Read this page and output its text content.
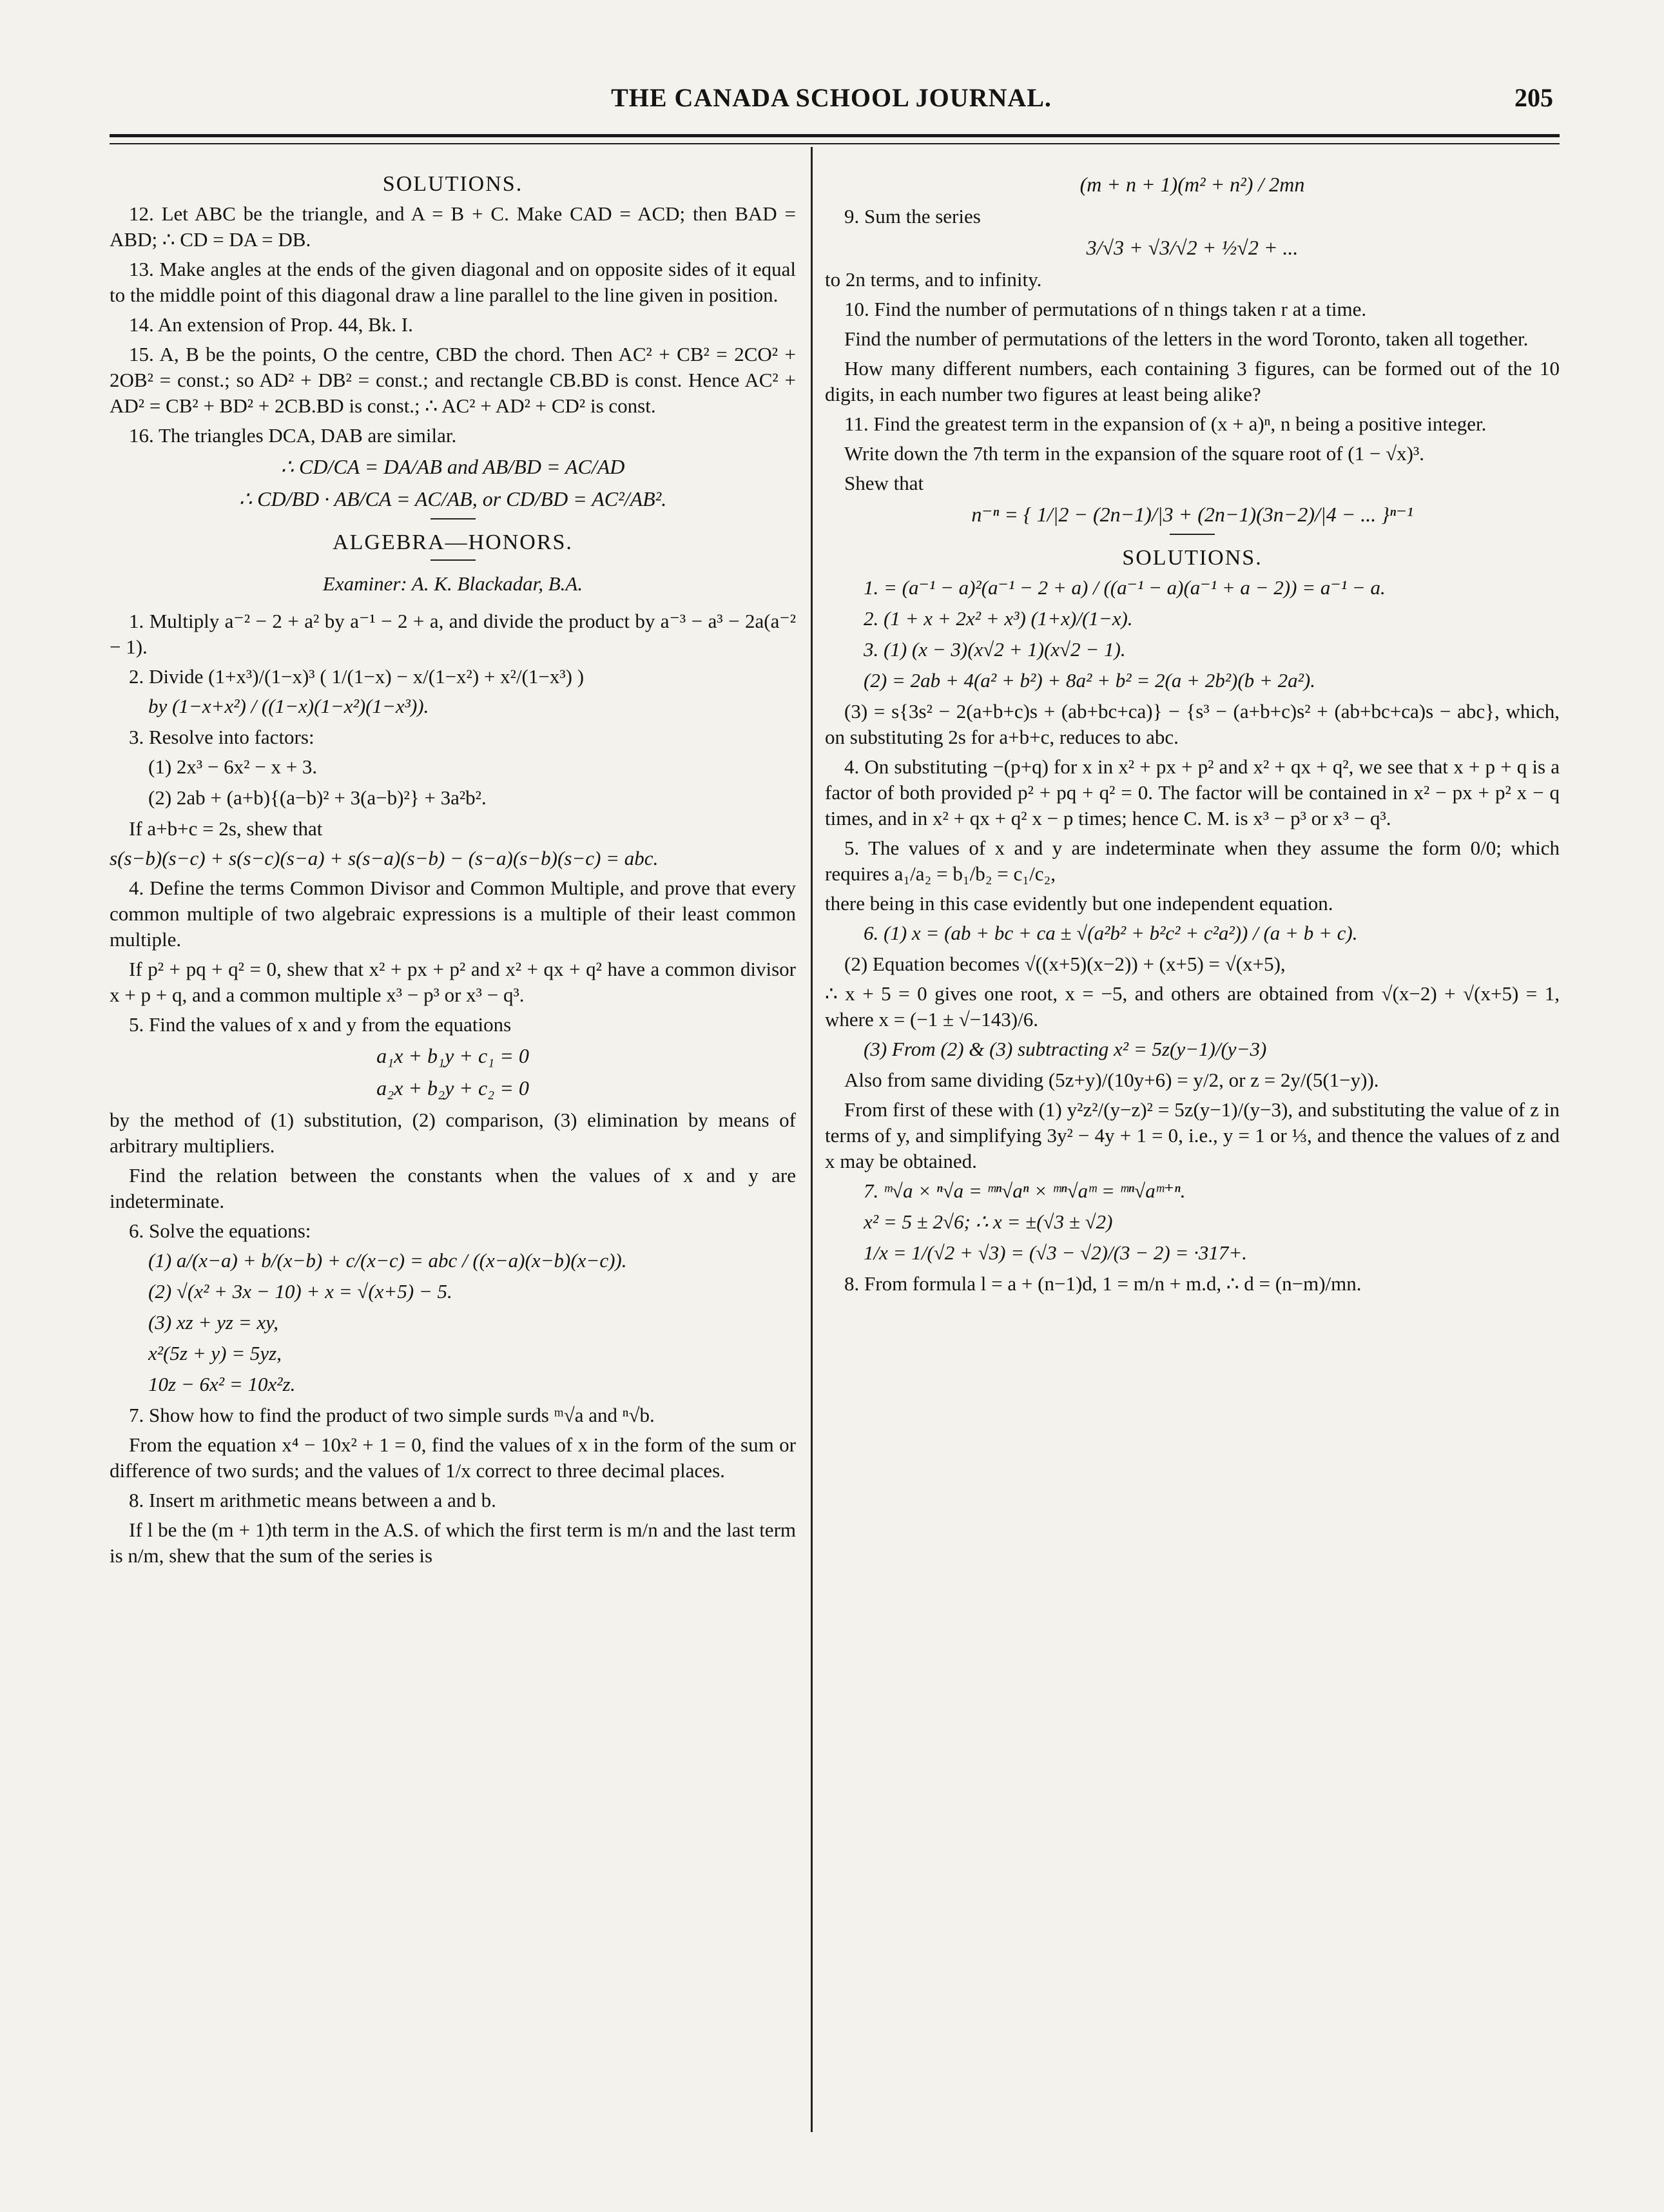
THE CANADA SCHOOL JOURNAL.	205
SOLUTIONS.

12. Let ABC be the triangle, and A = B + C. Make CAD = ACD; then BAD = ABD; ∴ CD = DA = DB.

13. Make angles at the ends of the given diagonal and on opposite sides of it equal to the middle point of this diagonal draw a line parallel to the line given in position.

14. An extension of Prop. 44, Bk. I.

15. A, B be the points, O the centre, CBD the chord. Then AC² + CB² = 2CO² + 2OB² = const.; so AD² + DB² = const.; and rectangle CB.BD is const. Hence AC² + AD² = CB² + BD² + 2CB.BD is const.; ∴ AC² + AD² + CD² is const.

16. The triangles DCA, DAB are similar.

∴ CD/CA = DA/AB and AB/BD = AC/AD
∴ CD/BD · AB/CA = AC/AB, or CD/BD = AC²/AB².
ALGEBRA—HONORS.
Examiner: A. K. Blackadar, B.A.

1. Multiply a⁻² − 2 + a² by a⁻¹ − 2 + a, and divide the product by a⁻³ − a³ − 2a(a⁻² − 1).

2. Divide (1+x³)/(1−x)³ ( 1/(1−x) − x/(1−x²) + x²/(1−x³) )

by (1−x+x²) / ((1−x)(1−x²)(1−x³)).

3. Resolve into factors:

(1) 2x³ − 6x² − x + 3.
(2) 2ab + (a+b){(a−b)² + 3(a−b)²} + 3a²b².

If a+b+c = 2s, shew that

s(s−b)(s−c) + s(s−c)(s−a) + s(s−a)(s−b) − (s−a)(s−b)(s−c) = abc.

4. Define the terms Common Divisor and Common Multiple, and prove that every common multiple of two algebraic expressions is a multiple of their least common multiple.

If p² + pq + q² = 0, shew that x² + px + p² and x² + qx + q² have a common divisor x + p + q, and a common multiple x³ − p³ or x³ − q³.

5. Find the values of x and y from the equations

a₁x + b₁y + c₁ = 0
a₂x + b₂y + c₂ = 0

by the method of (1) substitution, (2) comparison, (3) elimination by means of arbitrary multipliers.

Find the relation between the constants when the values of x and y are indeterminate.

6. Solve the equations:

(1) a/(x−a) + b/(x−b) + c/(x−c) = abc / ((x−a)(x−b)(x−c)).
(2) √(x² + 3x − 10) + x = √(x+5) − 5.
(3) xz + yz = xy,
x²(5z + y) = 5yz,
10z − 6x² = 10x²z.

7. Show how to find the product of two simple surds ᵐ√a and ⁿ√b.

From the equation x⁴ − 10x² + 1 = 0, find the values of x in the form of the sum or difference of two surds; and the values of 1/x correct to three decimal places.

8. Insert m arithmetic means between a and b.

If l be the (m + 1)th term in the A.S. of which the first term is m/n and the last term is n/m, shew that the sum of the series is

(m + n + 1)(m² + n²) / 2mn

9. Sum the series

3/√3 + √3/√2 + ½√2 + ...

to 2n terms, and to infinity.

10. Find the number of permutations of n things taken r at a time.

Find the number of permutations of the letters in the word Toronto, taken all together.

How many different numbers, each containing 3 figures, can be formed out of the 10 digits, in each number two figures at least being alike?

11. Find the greatest term in the expansion of (x + a)ⁿ, n being a positive integer.

Write down the 7th term in the expansion of the square root of (1 − √x)³.

Shew that

n⁻ⁿ = { 1/|2 − (2n−1)/|3 + (2n−1)(3n−2)/|4 − ... }ⁿ⁻¹
SOLUTIONS.
1. = (a⁻¹ − a)²(a⁻¹ − 2 + a) / ((a⁻¹ − a)(a⁻¹ + a − 2)) = a⁻¹ − a.
2. (1 + x + 2x² + x³) (1+x)/(1−x).
3. (1) (x − 3)(x√2 + 1)(x√2 − 1).
(2) = 2ab + 4(a² + b²) + 8a² + b² = 2(a + 2b²)(b + 2a²).

(3) = s{3s² − 2(a+b+c)s + (ab+bc+ca)} − {s³ − (a+b+c)s² + (ab+bc+ca)s − abc}, which, on substituting 2s for a+b+c, reduces to abc.

4. On substituting −(p+q) for x in x² + px + p² and x² + qx + q², we see that x + p + q is a factor of both provided p² + pq + q² = 0. The factor will be contained in x² − px + p² x − q times, and in x² + qx + q² x − p times; hence C. M. is x³ − p³ or x³ − q³.

5. The values of x and y are indeterminate when they assume the form 0/0; which requires a₁/a₂ = b₁/b₂ = c₁/c₂,

there being in this case evidently but one independent equation.

6. (1) x = (ab + bc + ca ± √(a²b² + b²c² + c²a²)) / (a + b + c).

(2) Equation becomes √((x+5)(x−2)) + (x+5) = √(x+5),

∴ x + 5 = 0 gives one root, x = −5, and others are obtained from √(x−2) + √(x+5) = 1, where x = (−1 ± √−143)/6.

(3) From (2) & (3) subtracting x² = 5z(y−1)/(y−3)

Also from same dividing (5z+y)/(10y+6) = y/2, or z = 2y/(5(1−y)).

From first of these with (1) y²z²/(y−z)² = 5z(y−1)/(y−3), and substituting the value of z in terms of y, and simplifying 3y² − 4y + 1 = 0, i.e., y = 1 or ⅓, and thence the values of z and x may be obtained.

7. ᵐ√a × ⁿ√a = ᵐⁿ√aⁿ × ᵐⁿ√aᵐ = ᵐⁿ√aᵐ⁺ⁿ.
x² = 5 ± 2√6; ∴ x = ±(√3 ± √2)
1/x = 1/(√2 + √3) = (√3 − √2)/(3 − 2) = ·317+.

8. From formula l = a + (n−1)d, 1 = m/n + m.d, ∴ d = (n−m)/mn.
